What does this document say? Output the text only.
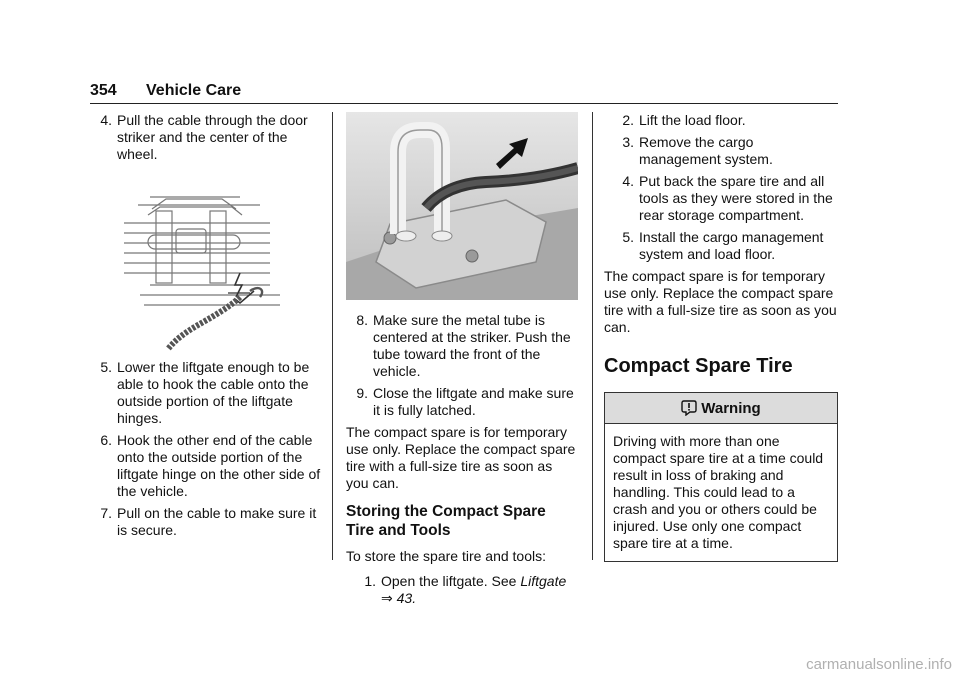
354 Vehicle Care
4. Pull the cable through the door striker and the center of the wheel.
5. Lower the liftgate enough to be able to hook the cable onto the outside portion of the liftgate hinges.
6. Hook the other end of the cable onto the outside portion of the liftgate hinge on the other side of the vehicle.
7. Pull on the cable to make sure it is secure.
8. Make sure the metal tube is centered at the striker. Push the tube toward the front of the vehicle.
9. Close the liftgate and make sure it is fully latched.

The compact spare is for temporary use only. Replace the compact spare tire with a full-size tire as soon as you can.

Storing the Compact Spare Tire and Tools

To store the spare tire and tools:

1. Open the liftgate. See Liftgate
⇒ 43.
2. Lift the load floor.
3. Remove the cargo management system.
4. Put back the spare tire and all tools as they were stored in the rear storage compartment.
5. Install the cargo management system and load floor.

The compact spare is for temporary use only. Replace the compact spare tire with a full-size tire as soon as you can.

Compact Spare Tire
Warning
Driving with more than one compact spare tire at a time could result in loss of braking and handling. This could lead to a crash and you or others could be injured. Use only one compact spare tire at a time.
carmanualsonline.info
